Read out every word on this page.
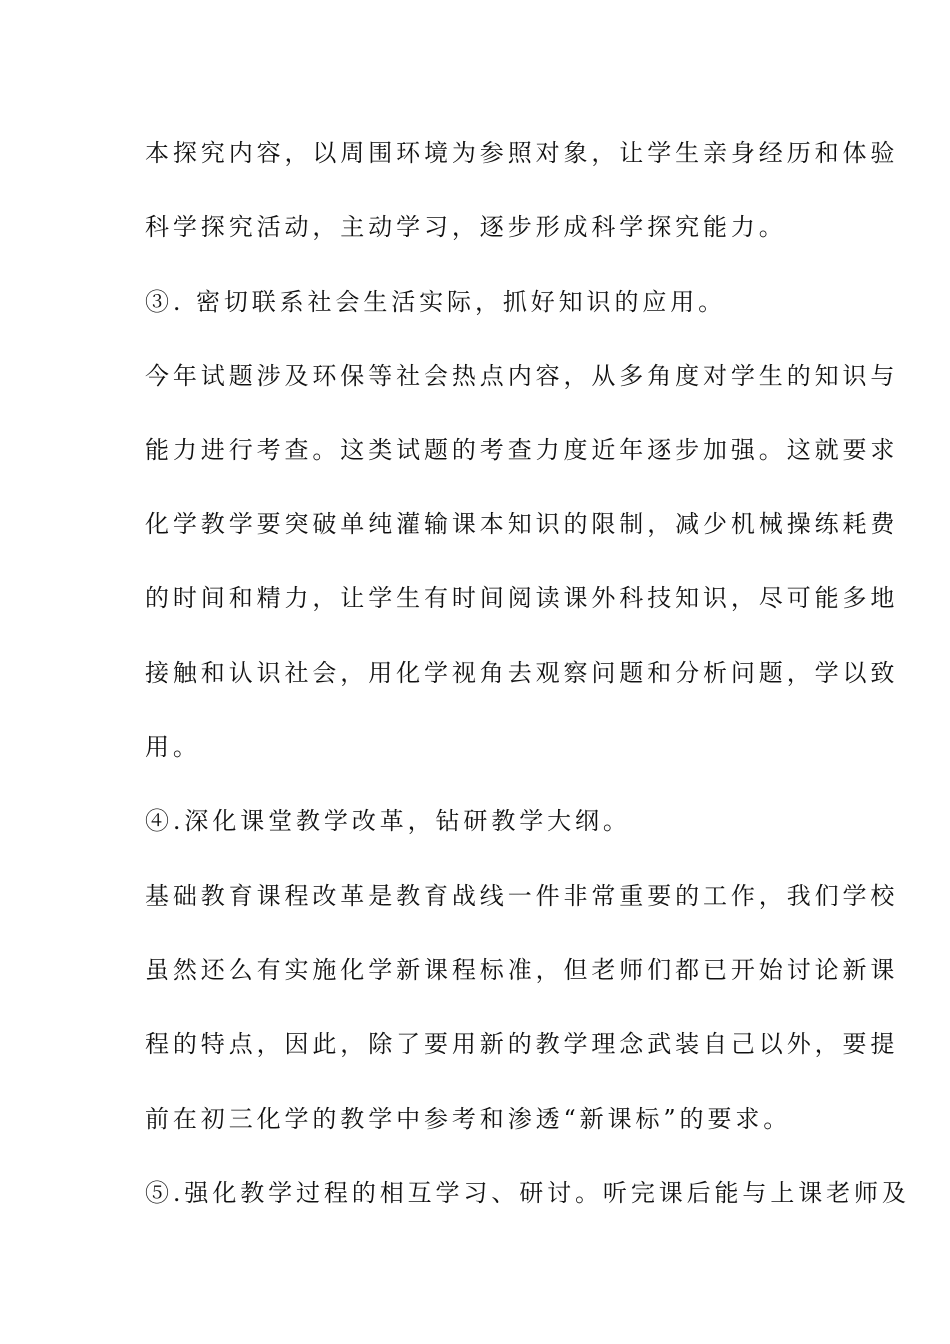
本探究内容，以周围环境为参照对象，让学生亲身经历和体验
科学探究活动，主动学习，逐步形成科学探究能力。
③. 密切联系社会生活实际，抓好知识的应用。
今年试题涉及环保等社会热点内容，从多角度对学生的知识与
能力进行考查。这类试题的考查力度近年逐步加强。这就要求
化学教学要突破单纯灌输课本知识的限制，减少机械操练耗费
的时间和精力，让学生有时间阅读课外科技知识，尽可能多地
接触和认识社会，用化学视角去观察问题和分析问题，学以致
用。
④.深化课堂教学改革，钻研教学大纲。
基础教育课程改革是教育战线一件非常重要的工作，我们学校
虽然还么有实施化学新课程标准，但老师们都已开始讨论新课
程的特点，因此，除了要用新的教学理念武装自己以外，要提
前在初三化学的教学中参考和渗透“新课标”的要求。
⑤.强化教学过程的相互学习、研讨。听完课后能与上课老师及
